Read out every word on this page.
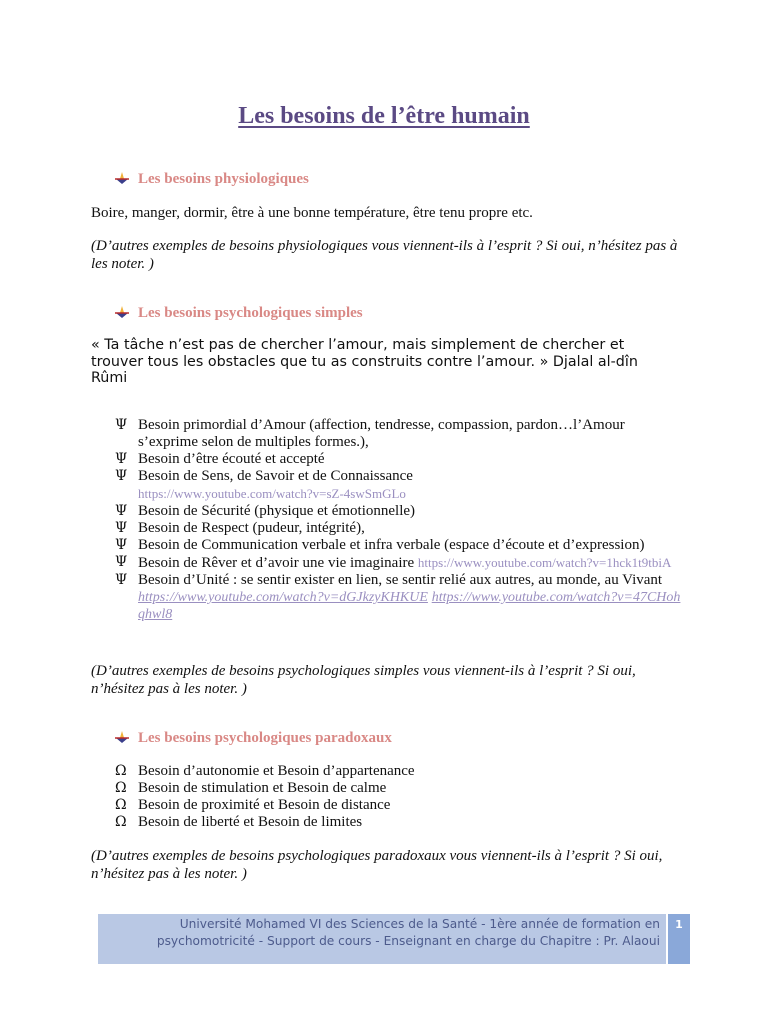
Les besoins de l’être humain
Les besoins physiologiques
Boire, manger, dormir, être à une bonne température, être tenu propre etc.
(D’autres exemples de besoins physiologiques vous viennent-ils à l’esprit ? Si oui, n’hésitez pas à les noter. )
Les besoins psychologiques simples
« Ta tâche n’est pas de chercher l’amour, mais simplement de chercher et trouver tous les obstacles que tu as construits contre l’amour. » Djalal al-dîn Rûmi
Ψ Besoin primordial d’Amour (affection, tendresse, compassion, pardon…l’Amour s’exprime selon de multiples formes.),
Ψ Besoin d’être écouté et accepté
Ψ Besoin de Sens, de Savoir et de Connaissance
https://www.youtube.com/watch?v=sZ-4swSmGLo
Ψ Besoin de Sécurité (physique et émotionnelle)
Ψ Besoin de Respect (pudeur, intégrité),
Ψ Besoin de Communication verbale et infra verbale (espace d’écoute et d’expression)
Ψ Besoin de Rêver et d’avoir une vie imaginaire https://www.youtube.com/watch?v=1hck1t9tbiA
Ψ Besoin d’Unité : se sentir exister en lien, se sentir relié aux autres, au monde, au Vivant  https://www.youtube.com/watch?v=dGJkzyKHKUE https://www.youtube.com/watch?v=47CHohqhwl8
(D’autres exemples de besoins psychologiques simples vous viennent-ils à l’esprit ? Si oui, n’hésitez pas à les noter. )
Les besoins psychologiques paradoxaux
Ω Besoin d’autonomie et Besoin d’appartenance
Ω Besoin de stimulation et Besoin de calme
Ω Besoin de proximité et Besoin de distance
Ω Besoin de liberté et Besoin de limites
(D’autres exemples de besoins psychologiques paradoxaux vous viennent-ils à l’esprit ? Si oui, n’hésitez pas à les noter. )
Université Mohamed VI des Sciences de la Santé - 1ère année de formation en
psychomotricité - Support de cours - Enseignant en charge du Chapitre : Pr. Alaoui
1
